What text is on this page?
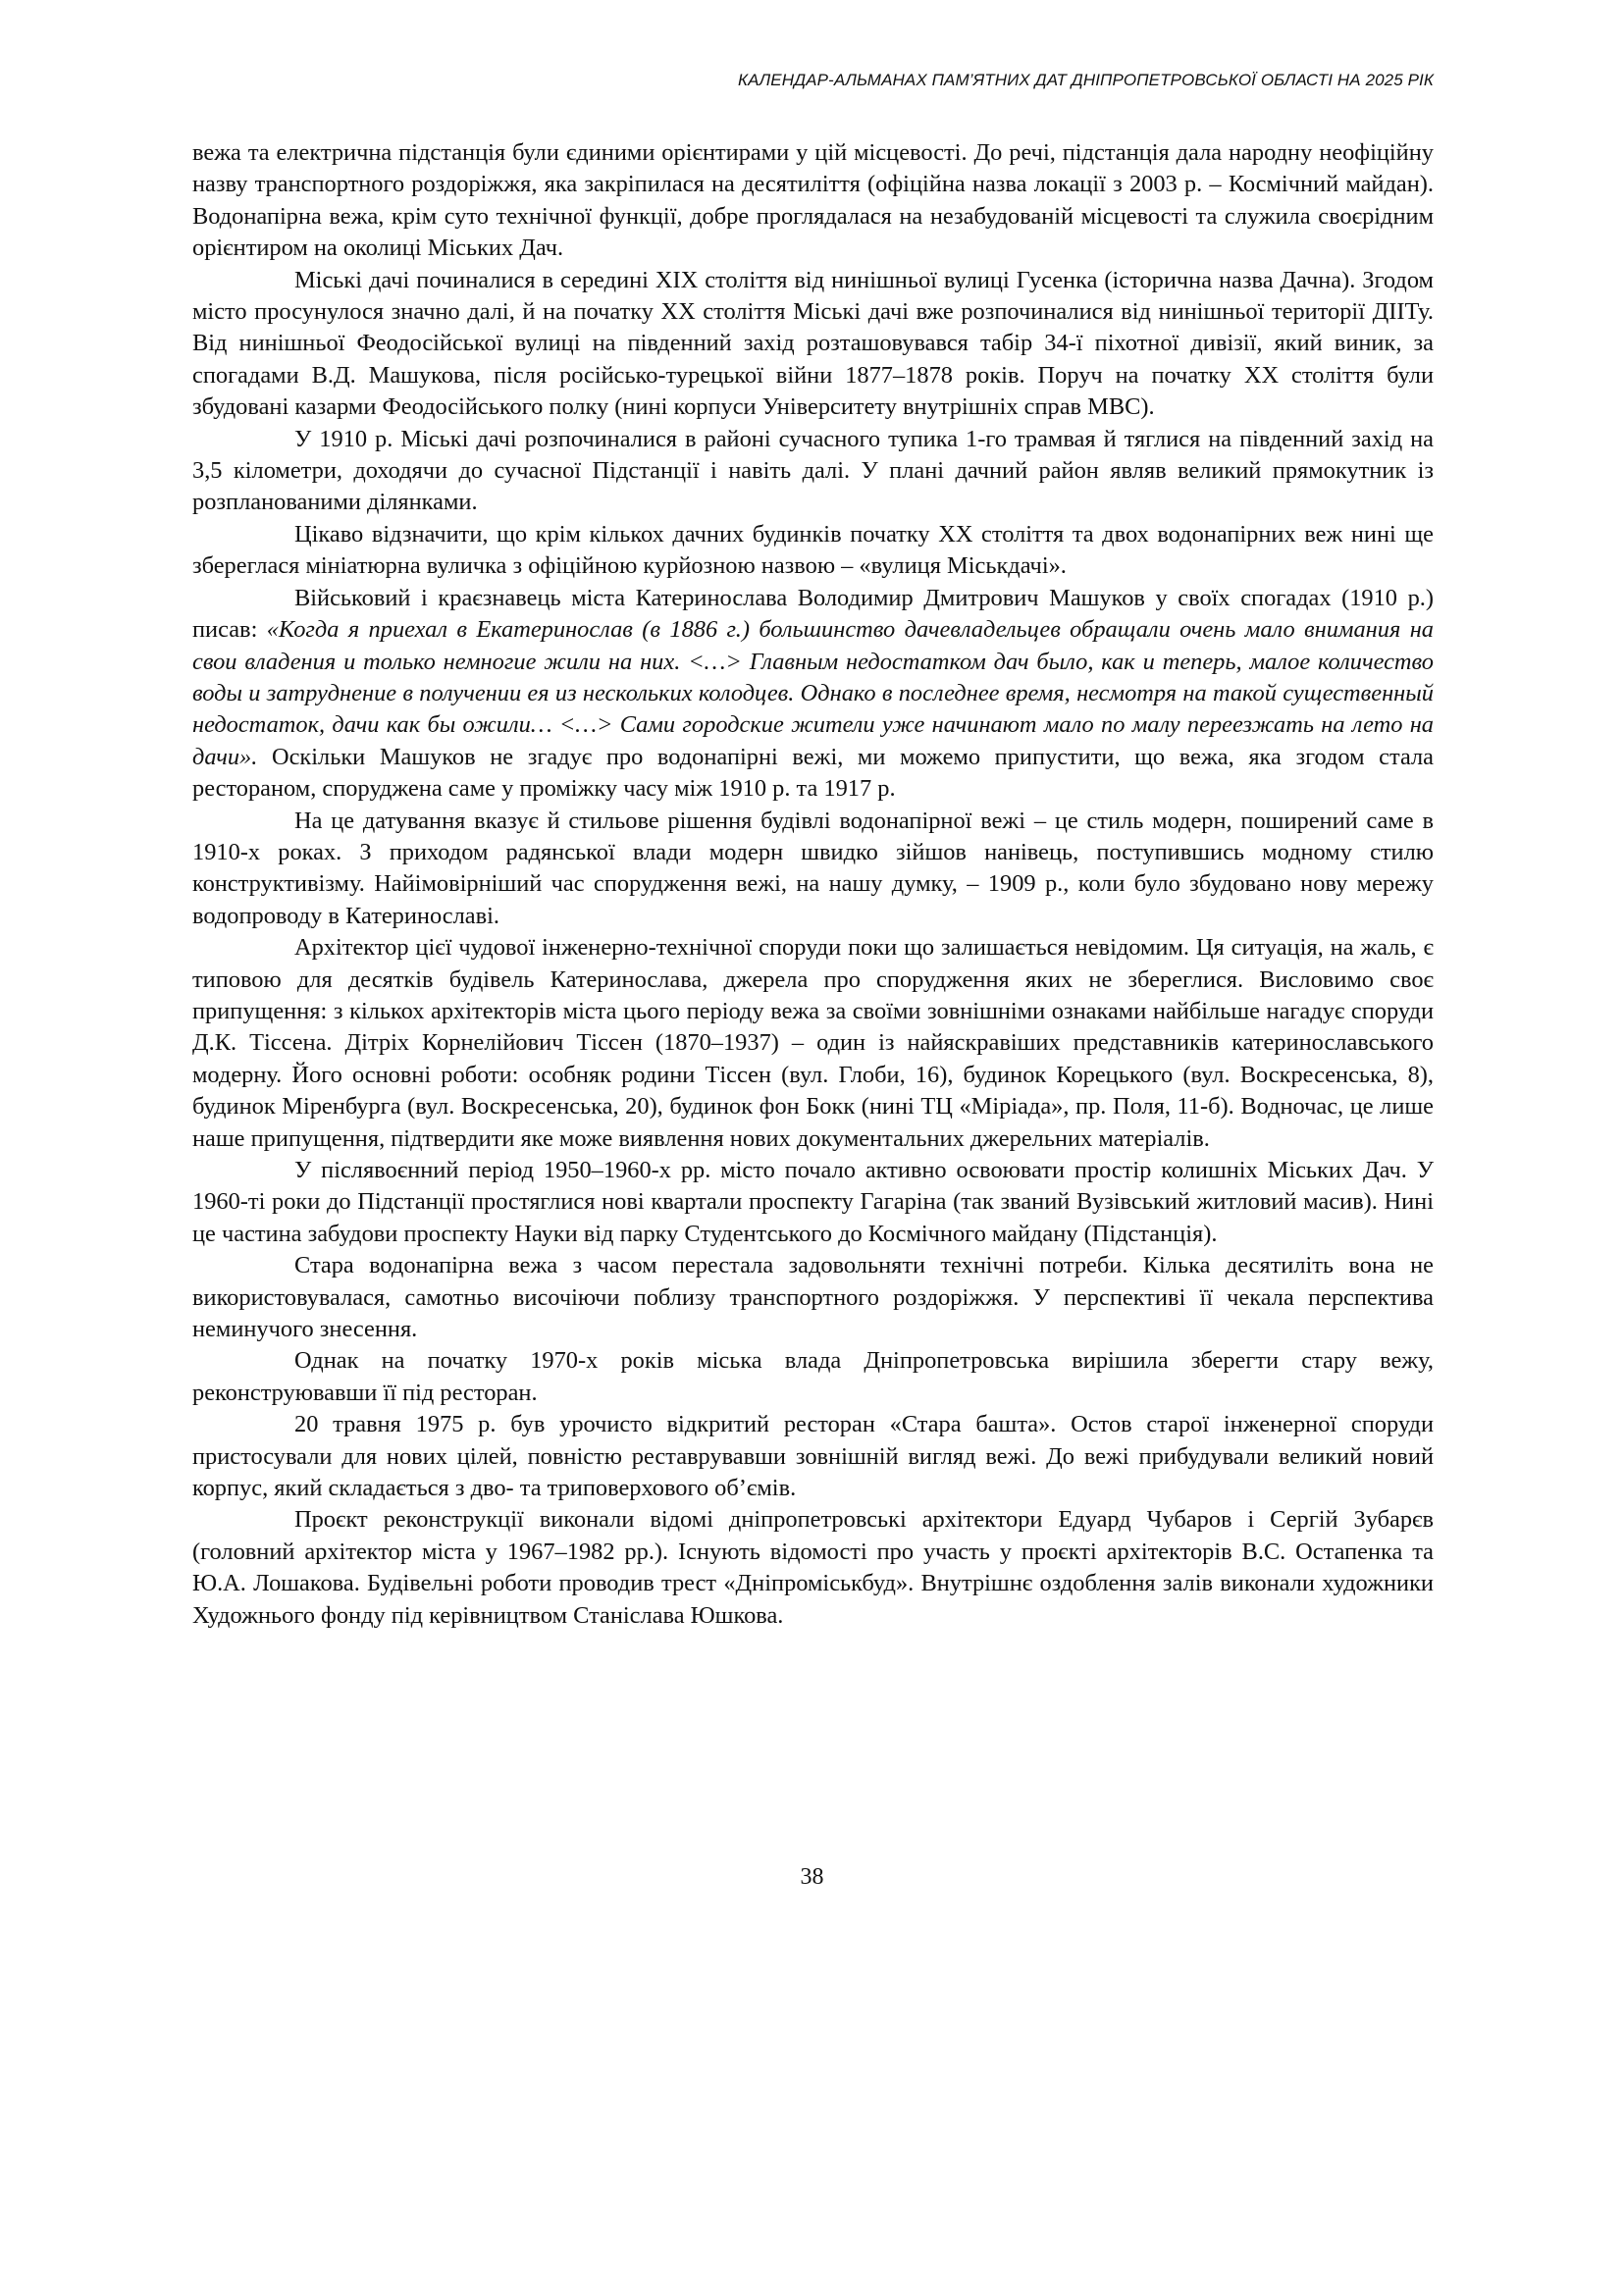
КАЛЕНДАР-АЛЬМАНАХ ПАМ’ЯТНИХ ДАТ ДНІПРОПЕТРОВСЬКОЇ ОБЛАСТІ НА 2025 РІК

вежа та електрична підстанція були єдиними орієнтирами у цій місцевості. До речі, підстанція дала народну неофіційну назву транспортного роздоріжжя, яка закріпилася на десятиліття (офіційна назва локації з 2003 р. – Космічний майдан). Водонапірна вежа, крім суто технічної функції, добре проглядалася на незабудованій місцевості та служила своєрідним орієнтиром на околиці Міських Дач.

Міські дачі починалися в середині XIX століття від нинішньої вулиці Гусенка (історична назва Дачна). Згодом місто просунулося значно далі, й на початку XX століття Міські дачі вже розпочиналися від нинішньої території ДІІТу. Від нинішньої Феодосійської вулиці на південний захід розташовувався табір 34-ї піхотної дивізії, який виник, за спогадами В.Д. Машукова, після російсько-турецької війни 1877–1878 років. Поруч на початку XX століття були збудовані казарми Феодосійського полку (нині корпуси Університету внутрішніх справ МВС).

У 1910 р. Міські дачі розпочиналися в районі сучасного тупика 1-го трамвая й тяглися на південний захід на 3,5 кілометри, доходячи до сучасної Підстанції і навіть далі. У плані дачний район являв великий прямокутник із розпланованими ділянками.

Цікаво відзначити, що крім кількох дачних будинків початку XX століття та двох водонапірних веж нині ще збереглася мініатюрна вуличка з офіційною курйозною назвою – «вулиця Міськдачі».

Військовий і краєзнавець міста Катеринослава Володимир Дмитрович Машуков у своїх спогадах (1910 р.) писав: «Когда я приехал в Екатеринослав (в 1886 г.) большинство дачевладельцев обращали очень мало внимания на свои владения и только немногие жили на них. <…> Главным недостатком дач было, как и теперь, малое количество воды и затруднение в получении ея из нескольких колодцев. Однако в последнее время, несмотря на такой существенный недостаток, дачи как бы ожили… <…> Сами городские жители уже начинают мало по малу переезжать на лето на дачи». Оскільки Машуков не згадує про водонапірні вежі, ми можемо припустити, що вежа, яка згодом стала рестораном, споруджена саме у проміжку часу між 1910 р. та 1917 р.

На це датування вказує й стильове рішення будівлі водонапірної вежі – це стиль модерн, поширений саме в 1910-х роках. З приходом радянської влади модерн швидко зійшов нанівець, поступившись модному стилю конструктивізму. Найімовірніший час спорудження вежі, на нашу думку, – 1909 р., коли було збудовано нову мережу водопроводу в Катеринославі.

Архітектор цієї чудової інженерно-технічної споруди поки що залишається невідомим. Ця ситуація, на жаль, є типовою для десятків будівель Катеринослава, джерела про спорудження яких не збереглися. Висловимо своє припущення: з кількох архітекторів міста цього періоду вежа за своїми зовнішніми ознаками найбільше нагадує споруди Д.К. Тіссена. Дітріх Корнелійович Тіссен (1870–1937) – один із найяскравіших представників катеринославського модерну. Його основні роботи: особняк родини Тіссен (вул. Глоби, 16), будинок Корецького (вул. Воскресенська, 8), будинок Міренбурга (вул. Воскресенська, 20), будинок фон Бокк (нині ТЦ «Міріада», пр. Поля, 11-б). Водночас, це лише наше припущення, підтвердити яке може виявлення нових документальних джерельних матеріалів.

У післявоєнний період 1950–1960-х рр. місто почало активно освоювати простір колишніх Міських Дач. У 1960-ті роки до Підстанції простяглися нові квартали проспекту Гагаріна (так званий Вузівський житловий масив). Нині це частина забудови проспекту Науки від парку Студентського до Космічного майдану (Підстанція).

Стара водонапірна вежа з часом перестала задовольняти технічні потреби. Кілька десятиліть вона не використовувалася, самотньо височіючи поблизу транспортного роздоріжжя. У перспективі її чекала перспектива неминучого знесення.

Однак на початку 1970-х років міська влада Дніпропетровська вирішила зберегти стару вежу, реконструювавши її під ресторан.

20 травня 1975 р. був урочисто відкритий ресторан «Стара башта». Остов старої інженерної споруди пристосували для нових цілей, повністю реставрувавши зовнішній вигляд вежі. До вежі прибудували великий новий корпус, який складається з дво- та триповерхового об’ємів.

Проєкт реконструкції виконали відомі дніпропетровські архітектори Едуард Чубаров і Сергій Зубарєв (головний архітектор міста у 1967–1982 рр.). Існують відомості про участь у проєкті архітекторів В.С. Остапенка та Ю.А. Лошакова. Будівельні роботи проводив трест «Дніпроміськбуд». Внутрішнє оздоблення залів виконали художники Художнього фонду під керівництвом Станіслава Юшкова.

38
